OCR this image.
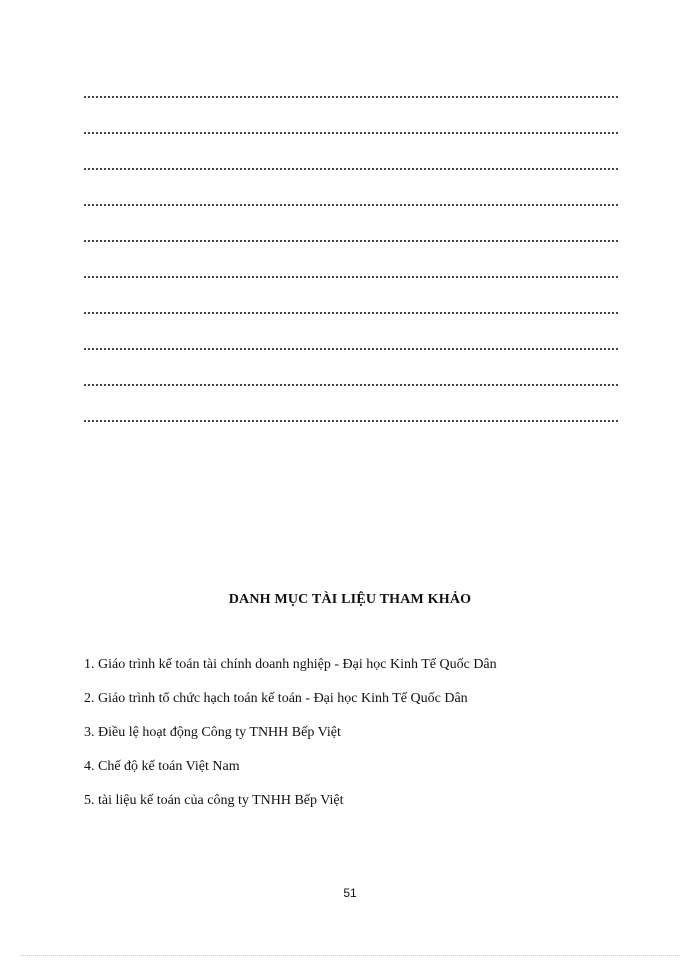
DANH MỤC TÀI LIỆU THAM KHẢO
1. Giáo trình kế toán tài chính doanh nghiệp - Đại học Kinh Tế Quốc Dân
2. Giáo trình tổ chức hạch toán kế toán - Đại học Kinh Tế Quốc Dân
3. Điều lệ hoạt động Công ty TNHH Bếp Việt
4. Chế độ kế toán Việt Nam
5. tài liệu kế toán của công ty TNHH Bếp Việt
51
